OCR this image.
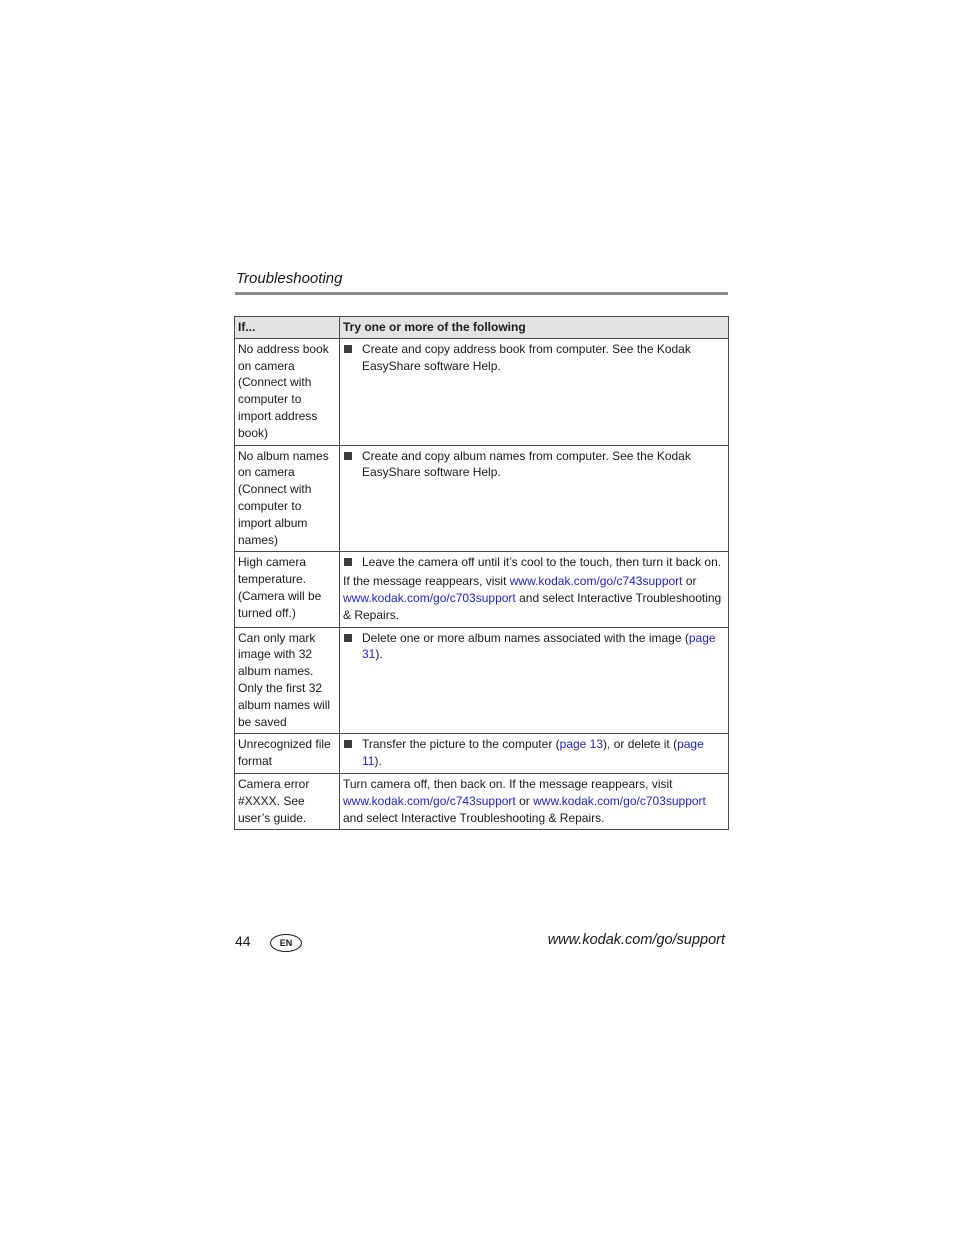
Troubleshooting
If...	Try one or more of the following
No address book on camera (Connect with computer to import address book)	Create and copy address book from computer. See the Kodak EasyShare software Help.

No album names on camera (Connect with computer to import album names)	Create and copy album names from computer. See the Kodak EasyShare software Help.

High camera temperature. (Camera will be turned off.)	Leave the camera off until it’s cool to the touch, then turn it back on.
If the message reappears, visit www.kodak.com/go/c743support or www.kodak.com/go/c703support and select Interactive Troubleshooting & Repairs.

Can only mark image with 32 album names. Only the first 32 album names will be saved	Delete one or more album names associated with the image (page 31).

Unrecognized file format	Transfer the picture to the computer (page 13), or delete it (page 11).

Camera error #XXXX. See user’s guide.	Turn camera off, then back on. If the message reappears, visit www.kodak.com/go/c743support or www.kodak.com/go/c703support and select Interactive Troubleshooting & Repairs.
44	EN	www.kodak.com/go/support
